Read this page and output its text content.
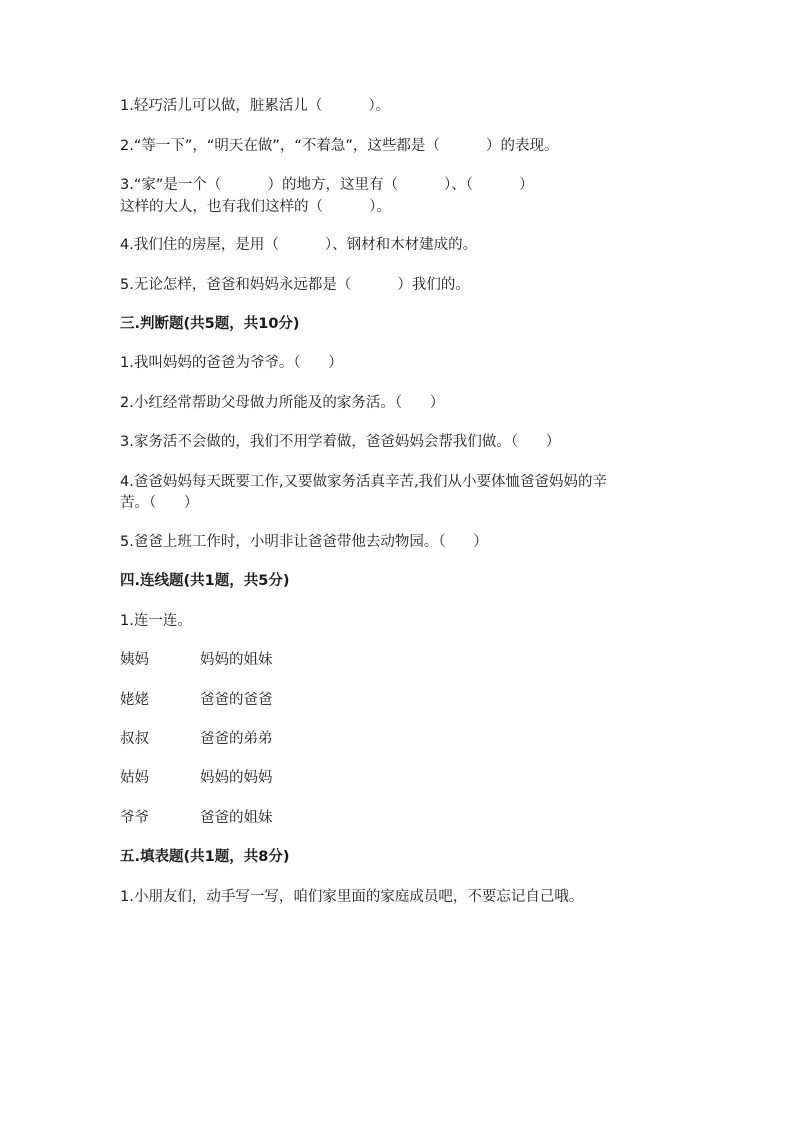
1.轻巧活儿可以做，脏累活儿（          ）。
2.“等一下”，“明天在做”，“不着急”，这些都是（          ）的表现。
3.“家”是一个（          ）的地方，这里有（          ）、（          ）
这样的大人，也有我们这样的（          ）。
4.我们住的房屋，是用（          ）、钢材和木材建成的。
5.无论怎样，爸爸和妈妈永远都是（          ）我们的。
三.判断题(共5题，共10分)
1.我叫妈妈的爸爸为爷爷。（      ）
2.小红经常帮助父母做力所能及的家务活。（      ）
3.家务活不会做的，我们不用学着做，爸爸妈妈会帮我们做。（      ）
4.爸爸妈妈每天既要工作,又要做家务活真辛苦,我们从小要体恤爸爸妈妈的辛
苦。（      ）
5.爸爸上班工作时，小明非让爸爸带他去动物园。（      ）
四.连线题(共1题，共5分)
1.连一连。
姨妈	妈妈的姐妹
姥姥	爸爸的爸爸
叔叔	爸爸的弟弟
姑妈	妈妈的妈妈
爷爷	爸爸的姐妹
五.填表题(共1题，共8分)
1.小朋友们，动手写一写，咱们家里面的家庭成员吧，不要忘记自己哦。
